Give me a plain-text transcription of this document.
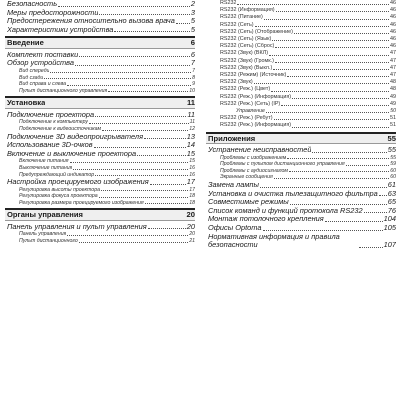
Безопасность	2
Меры предосторожности	3
Предостережения относительно вызова врача 5
Характеристики устройства	5
Введение	6
Комплект поставки	6
Обзор устройства	7
Вид спереди	7
Вид сзади	8
Вид справа и слева	9
Пульт дистанционного управления	10
Установка	11
Подключение проектора	11
Подключение к компьютеру	11
Подключение к видеоисточникам	12
Подключение 3D видеопроигрывателя	13
Использование 3D-очков	14
Включение и выключение проектора	15
Включение питания	15
Выключение питания	16
Предупреждающий индикатор	16
Настройка проецируемого изображения	17
Регулировка высоты проектора	17
Регулировка фокуса проектора	18
Регулировка размера проецируемого изображения	18
Органы управления	20
Панель управления и пульт управления	20
Панель управления	20
Пульт дистанционного	21
RS232	46
RS232 (Информация)	46
RS232 (Питание)	46
RS232 (Сеть)	46
RS232 (Сеть) (Отображение)	46
RS232 (Сеть) (Язык)	46
RS232 (Сеть) (Сброс)	46
RS232 (Звук) (ВКЛ)	47
RS232 (Звук) (Громк.)	47
RS232 (Звук) (Выкл.)	47
RS232 (Режим) (Источник)	47
RS232 (Звук)	48
RS232 (Реж.) (Цвет)	48
RS232 (Реж.) (Информация)	49
RS232 (Реж.) (Сеть) (IP)	49
Управление	50
RS232 (Реж.) (Ребут)	51
RS232 (Реж.) (Информация)	51
Приложения	55
Устранение неисправностей	55
Проблемы с изображением	55
Проблемы с пультом дистанционного управления	59
Проблемы с аудиосигналом	60
Экранные сообщения	60
Замена лампы	61
Установка и очистка пылезащитного фильтра 63
Совместимые режимы	65
Список команд и функций протокола RS232	76
Монтаж потолочного крепления	104
Офисы Optoma	105
Нормативная информация и правила безопасности	107
